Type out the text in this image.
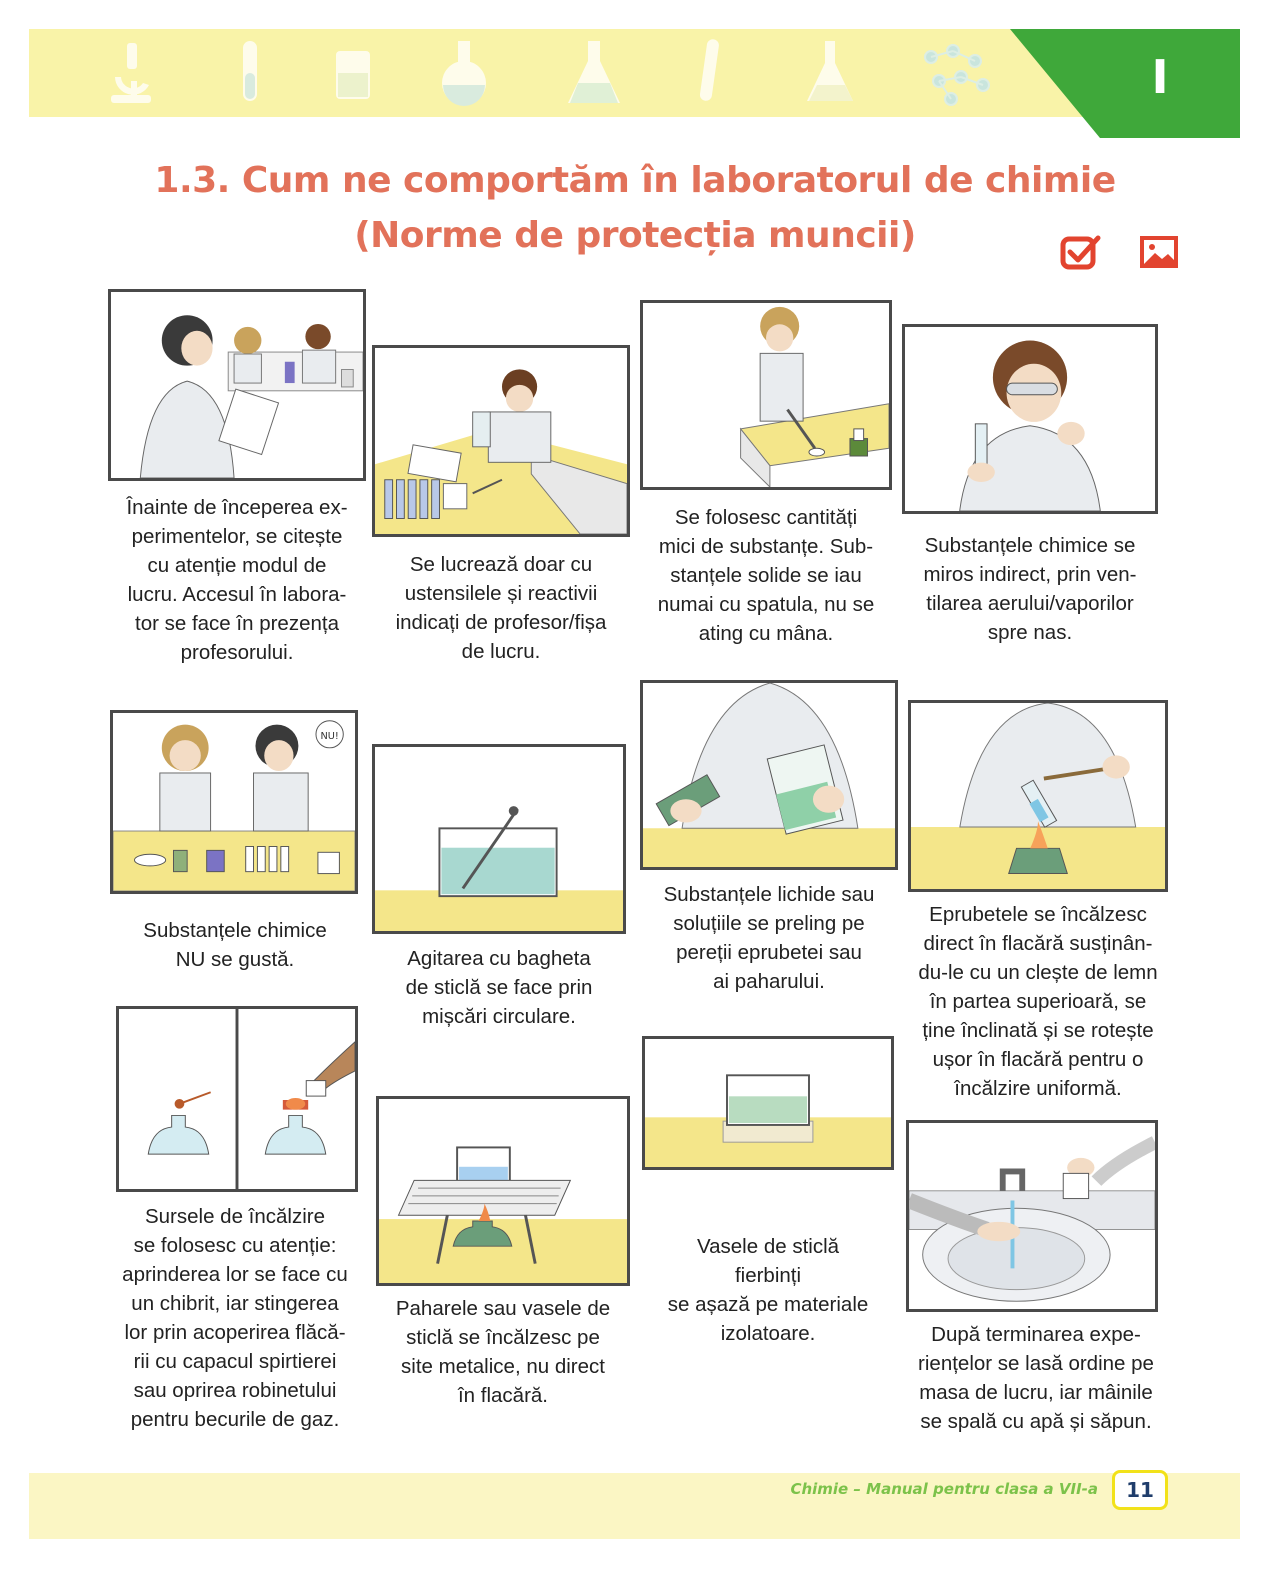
I
1.3. Cum ne comportăm în laboratorul de chimie
(Norme de protecția muncii)
Înainte de începerea ex-
perimentelor, se citește
cu atenție modul de
lucru. Accesul în labora-
tor se face în prezența
profesorului.
Se lucrează doar cu
ustensilele și reactivii
indicați de profesor/fișa
de lucru.
Se folosesc cantități
mici de substanțe. Sub-
stanțele solide se iau
numai cu spatula, nu se
ating cu mâna.
Substanțele chimice se
miros indirect, prin ven-
tilarea aerului/vaporilor
spre nas.
NU!
Substanțele chimice
NU se gustă.	Agitarea cu bagheta
de sticlă se face prin
mișcări circulare.
Substanțele lichide sau
soluțiile se preling pe
pereții eprubetei sau
ai paharului.
Eprubetele se încălzesc
direct în flacără susținân-
du-le cu un clește de lemn
în partea superioară, se
ține înclinată și se rotește
ușor în flacără pentru o
încălzire uniformă.
Sursele de încălzire
se folosesc cu atenție:
aprinderea lor se face cu
un chibrit, iar stingerea
lor prin acoperirea flăcă-
rii cu capacul spirtierei
sau oprirea robinetului
pentru becurile de gaz.
Paharele sau vasele de
sticlă se încălzesc pe
site metalice, nu direct
în flacără.
Vasele de sticlă
fierbinți
se așază pe materiale
izolatoare.	După terminarea expe-
riențelor se lasă ordine pe
masa de lucru, iar mâinile
se spală cu apă și săpun.
Chimie – Manual pentru clasa a VII-a	11
